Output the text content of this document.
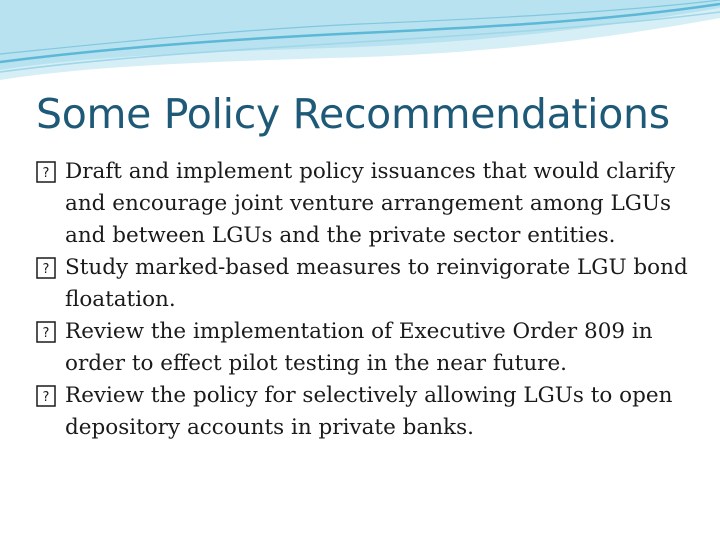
Some Policy Recommendations
? Draft and implement policy issuances that would clarify and encourage joint venture arrangement among LGUs and between LGUs and the private sector entities.
? Study marked-based measures to reinvigorate LGU bond floatation.
? Review the implementation of Executive Order 809 in order to effect pilot testing in the near future.
? Review the policy for selectively allowing LGUs to open depository accounts in private banks.
